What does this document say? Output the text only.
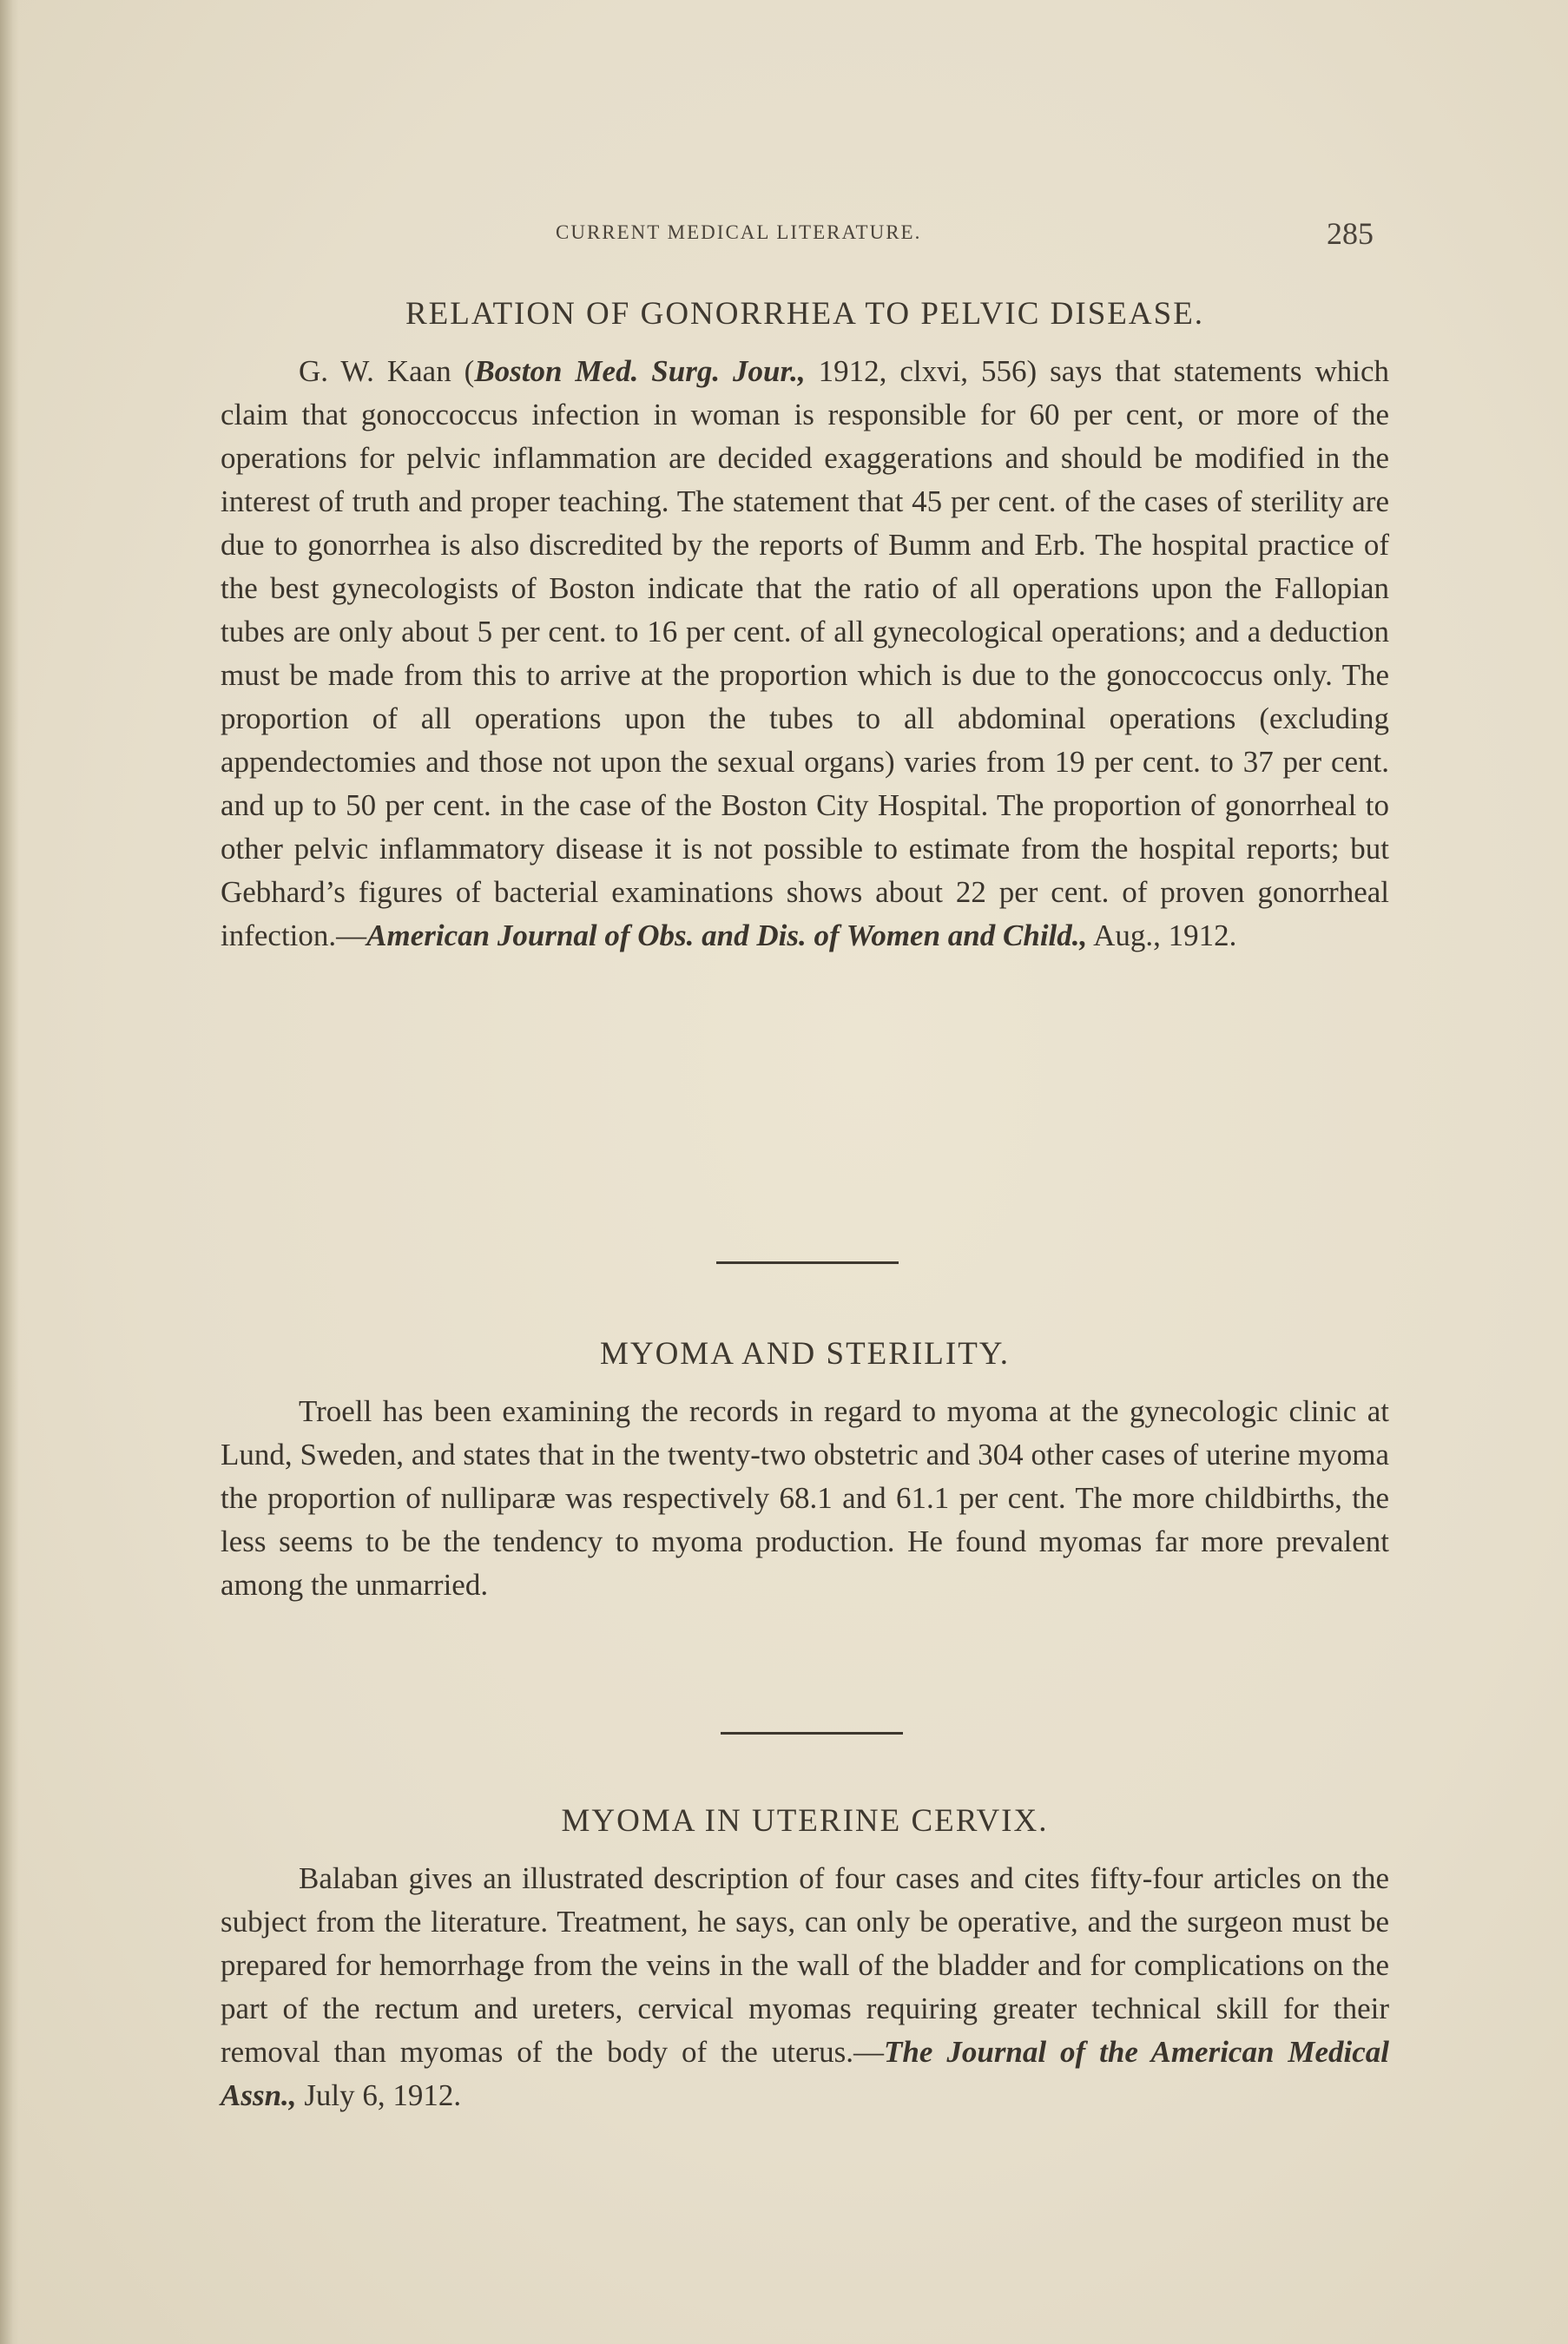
CURRENT MEDICAL LITERATURE.	285
RELATION OF GONORRHEA TO PELVIC DISEASE.

G. W. Kaan (Boston Med. Surg. Jour., 1912, clxvi, 556) says that statements which claim that gonoccoccus infection in woman is responsible for 60 per cent, or more of the operations for pelvic inflammation are decided exaggerations and should be modified in the interest of truth and proper teaching. The statement that 45 per cent. of the cases of sterility are due to gonorrhea is also discredited by the reports of Bumm and Erb. The hospital practice of the best gynecologists of Boston indicate that the ratio of all operations upon the Fallopian tubes are only about 5 per cent. to 16 per cent. of all gynecological operations; and a deduction must be made from this to arrive at the proportion which is due to the gonoccoccus only. The proportion of all operations upon the tubes to all abdominal operations (excluding appendectomies and those not upon the sexual organs) varies from 19 per cent. to 37 per cent. and up to 50 per cent. in the case of the Boston City Hospital. The proportion of gonorrheal to other pelvic inflammatory disease it is not possible to estimate from the hospital reports; but Gebhard’s figures of bacterial examinations shows about 22 per cent. of proven gonorrheal infection.—American Journal of Obs. and Dis. of Women and Child., Aug., 1912.

MYOMA AND STERILITY.

Troell has been examining the records in regard to myoma at the gynecologic clinic at Lund, Sweden, and states that in the twenty-two obstetric and 304 other cases of uterine myoma the proportion of nulliparæ was respectively 68.1 and 61.1 per cent. The more childbirths, the less seems to be the tendency to myoma production. He found myomas far more prevalent among the unmarried.

MYOMA IN UTERINE CERVIX.

Balaban gives an illustrated description of four cases and cites fifty-four articles on the subject from the literature. Treatment, he says, can only be operative, and the surgeon must be prepared for hemorrhage from the veins in the wall of the bladder and for complications on the part of the rectum and ureters, cervical myomas requiring greater technical skill for their removal than myomas of the body of the uterus.—The Journal of the American Medical Assn., July 6, 1912.
